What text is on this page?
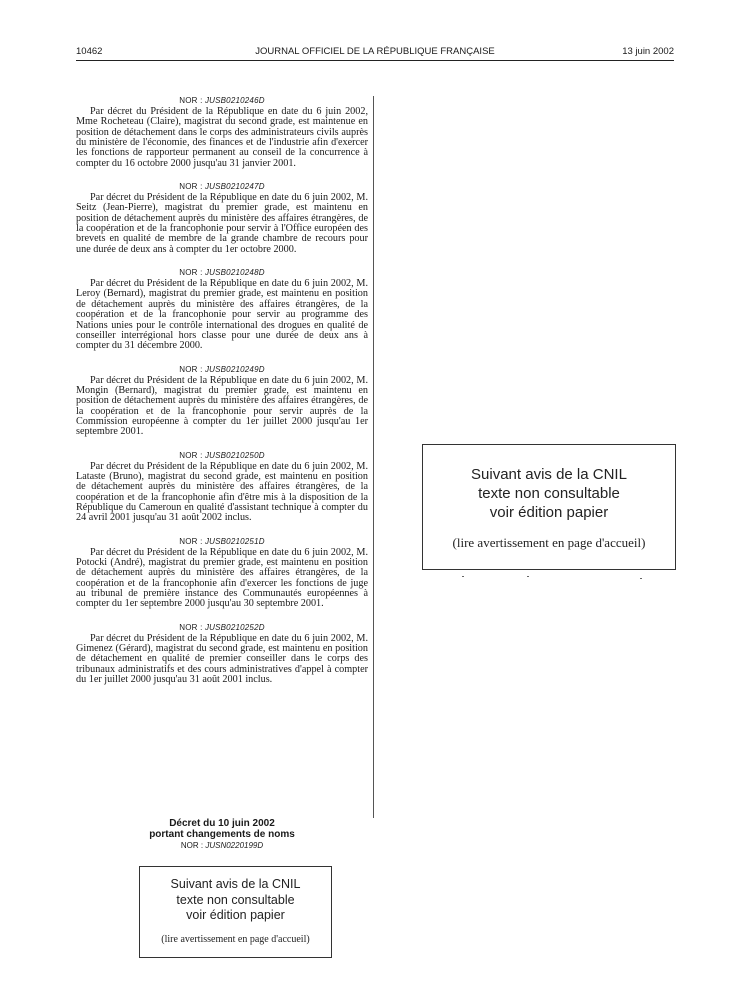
10462	JOURNAL OFFICIEL DE LA RÉPUBLIQUE FRANÇAISE	13 juin 2002

NOR : JUSB0210246D

Par décret du Président de la République en date du 6 juin 2002, Mme Rocheteau (Claire), magistrat du second grade, est maintenue en position de détachement dans le corps des administrateurs civils auprès du ministère de l'économie, des finances et de l'industrie afin d'exercer les fonctions de rapporteur permanent au conseil de la concurrence à compter du 16 octobre 2000 jusqu'au 31 janvier 2001.

NOR : JUSB0210247D

Par décret du Président de la République en date du 6 juin 2002, M. Seitz (Jean-Pierre), magistrat du premier grade, est maintenu en position de détachement auprès du ministère des affaires étrangères, de la coopération et de la francophonie pour servir à l'Office européen des brevets en qualité de membre de la grande chambre de recours pour une durée de deux ans à compter du 1er octobre 2000.

NOR : JUSB0210248D

Par décret du Président de la République en date du 6 juin 2002, M. Leroy (Bernard), magistrat du premier grade, est maintenu en position de détachement auprès du ministère des affaires étrangères, de la coopération et de la francophonie pour servir au programme des Nations unies pour le contrôle international des drogues en qualité de conseiller interrégional hors classe pour une durée de deux ans à compter du 31 décembre 2000.

NOR : JUSB0210249D

Par décret du Président de la République en date du 6 juin 2002, M. Mongin (Bernard), magistrat du premier grade, est maintenu en position de détachement auprès du ministère des affaires étrangères, de la coopération et de la francophonie pour servir auprès de la Commission européenne à compter du 1er juillet 2000 jusqu'au 1er septembre 2001.

NOR : JUSB0210250D

Par décret du Président de la République en date du 6 juin 2002, M. Lataste (Bruno), magistrat du second grade, est maintenu en position de détachement auprès du ministère des affaires étrangères, de la coopération et de la francophonie afin d'être mis à la disposition de la République du Cameroun en qualité d'assistant technique à compter du 24 avril 2001 jusqu'au 31 août 2002 inclus.

NOR : JUSB0210251D

Par décret du Président de la République en date du 6 juin 2002, M. Potocki (André), magistrat du premier grade, est maintenu en position de détachement auprès du ministère des affaires étrangères, de la coopération et de la francophonie afin d'exercer les fonctions de juge au tribunal de première instance des Communautés européennes à compter du 1er septembre 2000 jusqu'au 30 septembre 2001.

NOR : JUSB0210252D

Par décret du Président de la République en date du 6 juin 2002, M. Gimenez (Gérard), magistrat du second grade, est maintenu en position de détachement en qualité de premier conseiller dans le corps des tribunaux administratifs et des cours administratives d'appel à compter du 1er juillet 2000 jusqu'au 31 août 2001 inclus.

Décret du 10 juin 2002
portant changements de noms
NOR : JUSN0220199D
Suivant avis de la CNIL
texte non consultable
voir édition papier
(lire avertissement en page d'accueil)
Suivant avis de la CNIL
texte non consultable
voir édition papier
(lire avertissement en page d'accueil)
